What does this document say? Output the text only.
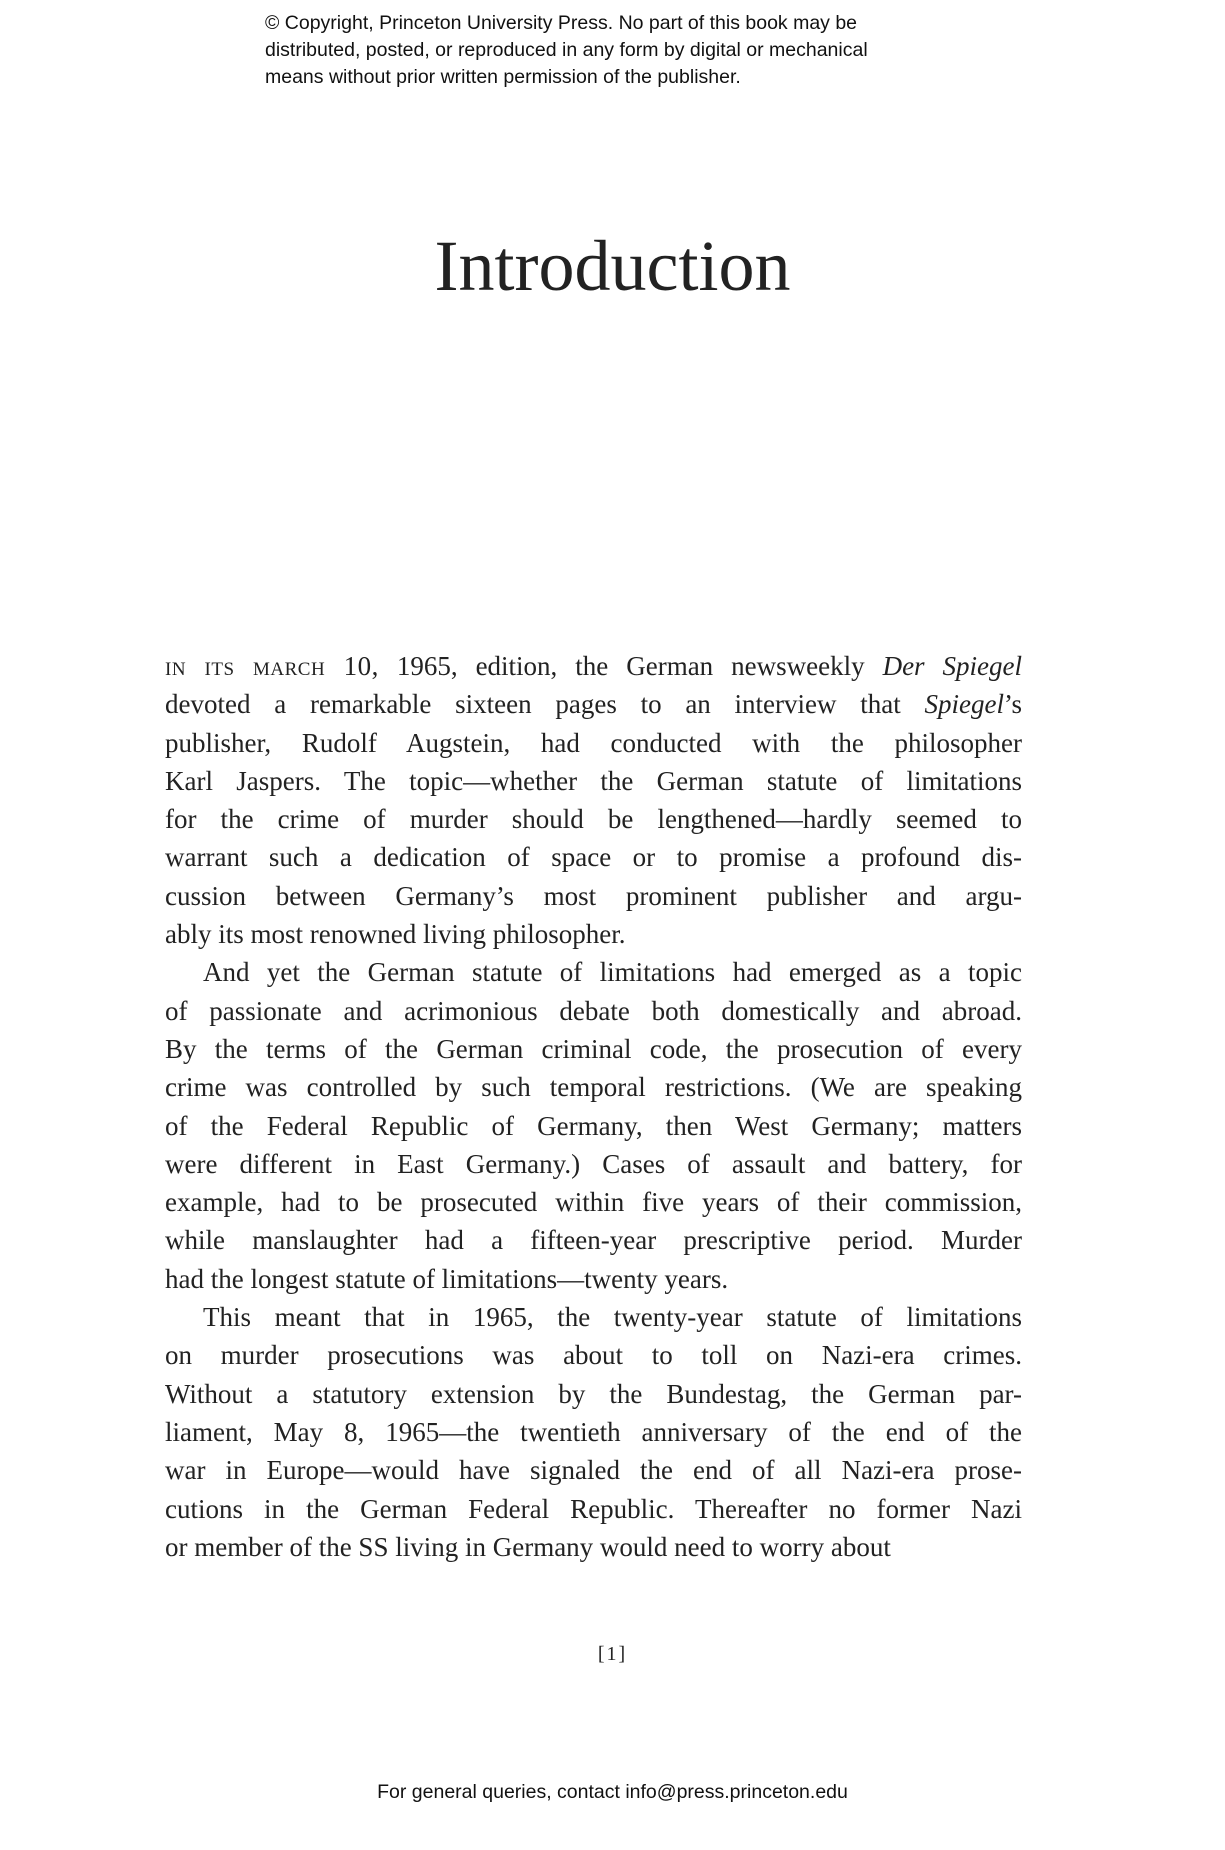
© Copyright, Princeton University Press. No part of this book may be
distributed, posted, or reproduced in any form by digital or mechanical
means without prior written permission of the publisher.
Introduction
in its march 10, 1965, edition, the German newsweekly Der Spiegel
devoted a remarkable sixteen pages to an interview that Spiegel’s
publisher, Rudolf Augstein, had conducted with the philosopher
Karl Jaspers. The topic—whether the German statute of limitations
for the crime of murder should be lengthened—hardly seemed to
warrant such a dedication of space or to promise a profound dis-
cussion between Germany’s most prominent publisher and argu-
ably its most renowned living philosopher.
And yet the German statute of limitations had emerged as a topic
of passionate and acrimonious debate both domestically and abroad.
By the terms of the German criminal code, the prosecution of every
crime was controlled by such temporal restrictions. (We are speaking
of the Federal Republic of Germany, then West Germany; matters
were different in East Germany.) Cases of assault and battery, for
example, had to be prosecuted within five years of their commission,
while manslaughter had a fifteen-year prescriptive period. Murder
had the longest statute of limitations—twenty years.
This meant that in 1965, the twenty-year statute of limitations
on murder prosecutions was about to toll on Nazi-era crimes.
Without a statutory extension by the Bundestag, the German par-
liament, May 8, 1965—the twentieth anniversary of the end of the
war in Europe—would have signaled the end of all Nazi-era prose-
cutions in the German Federal Republic. Thereafter no former Nazi
or member of the SS living in Germany would need to worry about
[1]
For general queries, contact info@press.princeton.edu
